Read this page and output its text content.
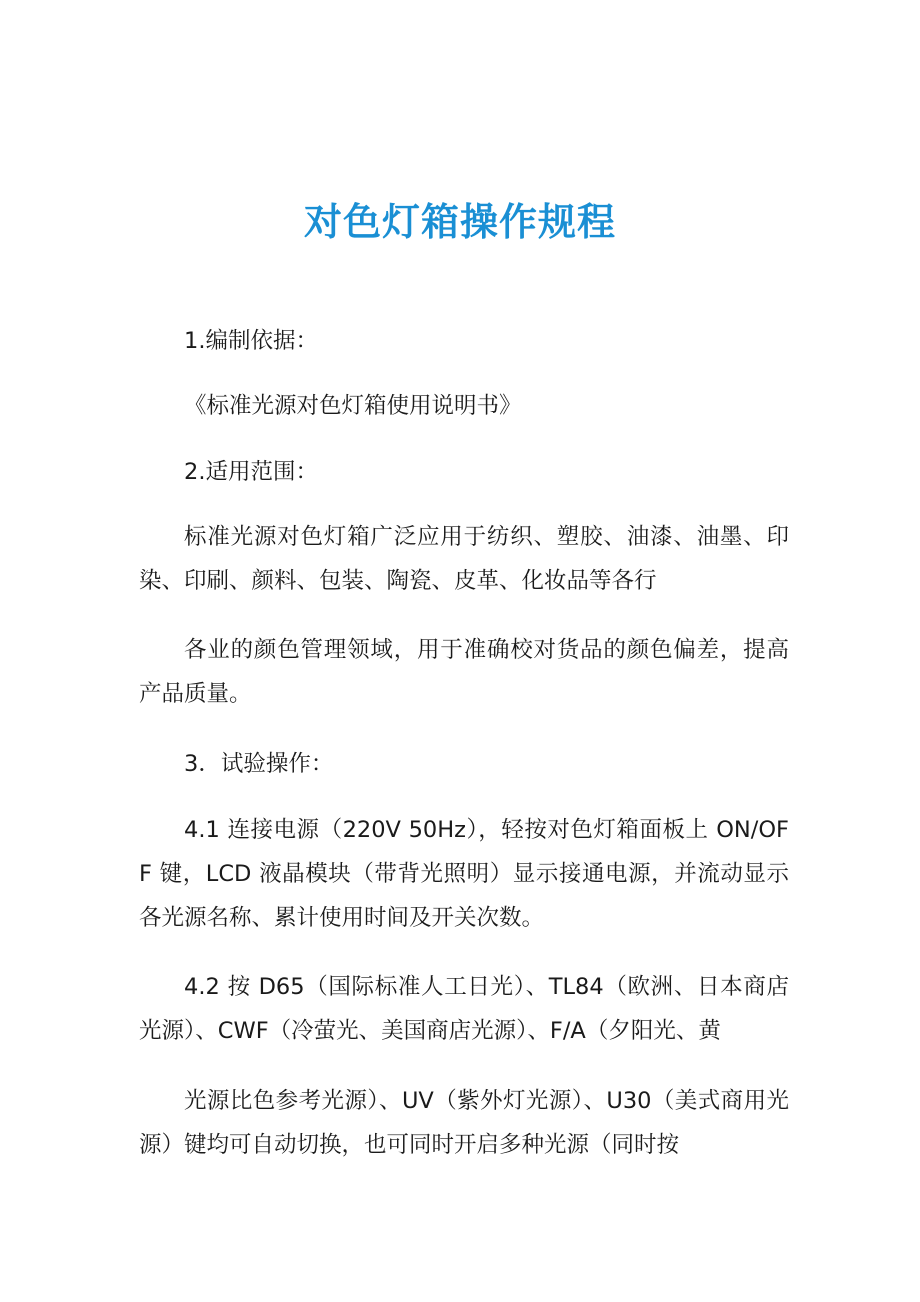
对色灯箱操作规程

1.编制依据：

《标准光源对色灯箱使用说明书》

2.适用范围：

标准光源对色灯箱广泛应用于纺织、塑胶、油漆、油墨、印染、印刷、颜料、包装、陶瓷、皮革、化妆品等各行

各业的颜色管理领域，用于准确校对货品的颜色偏差，提高产品质量。

3．试验操作：

4.1 连接电源（220V 50Hz），轻按对色灯箱面板上 ON/OFF 键，LCD 液晶模块（带背光照明）显示接通电源，并流动显示各光源名称、累计使用时间及开关次数。

4.2 按 D65（国际标准人工日光）、TL84（欧洲、日本商店光源）、CWF（冷萤光、美国商店光源）、F/A（夕阳光、黄

光源比色参考光源）、UV（紫外灯光源）、U30（美式商用光源）键均可自动切换，也可同时开启多种光源（同时按
